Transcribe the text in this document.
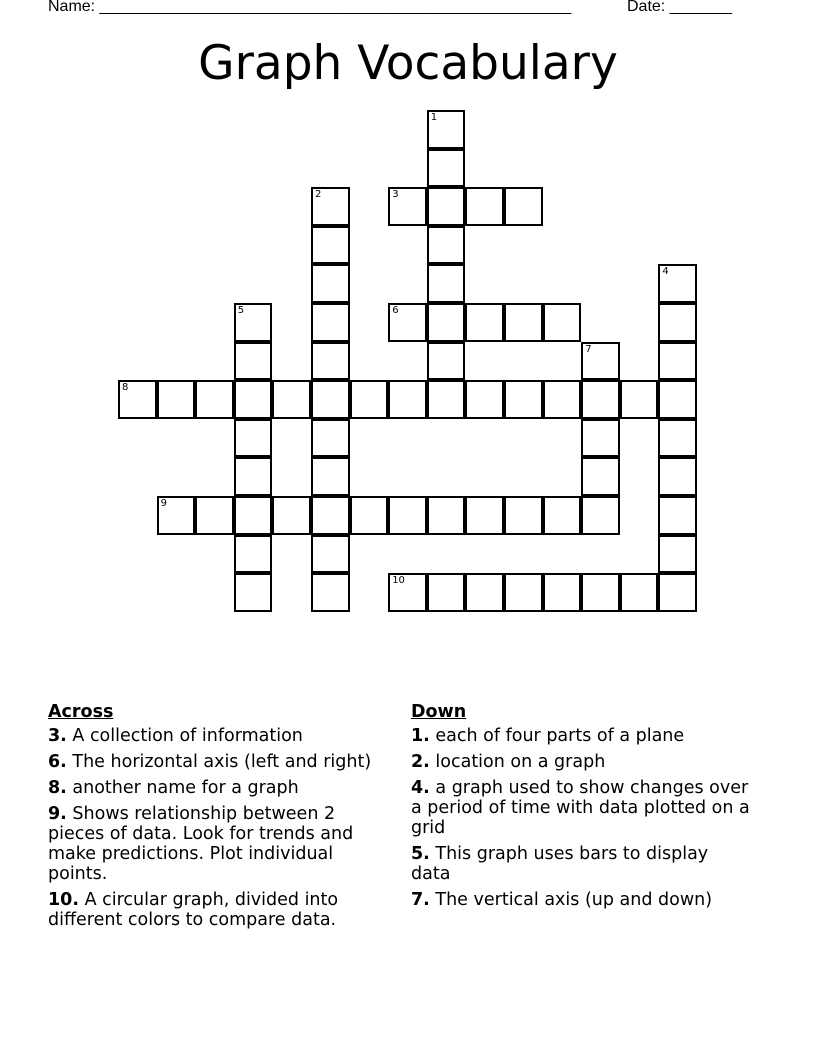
Name: _____________________________________________________	Date: _______
Graph Vocabulary
1
2	3
4
5	6
7
8
9
10
Across
3. A collection of information
6. The horizontal axis (left and right)
8. another name for a graph
9. Shows relationship between 2 pieces of data. Look for trends and make predictions. Plot individual points.
10. A circular graph, divided into different colors to compare data.
Down
1. each of four parts of a plane
2. location on a graph
4. a graph used to show changes over a period of time with data plotted on a grid
5. This graph uses bars to display data
7. The vertical axis (up and down)
